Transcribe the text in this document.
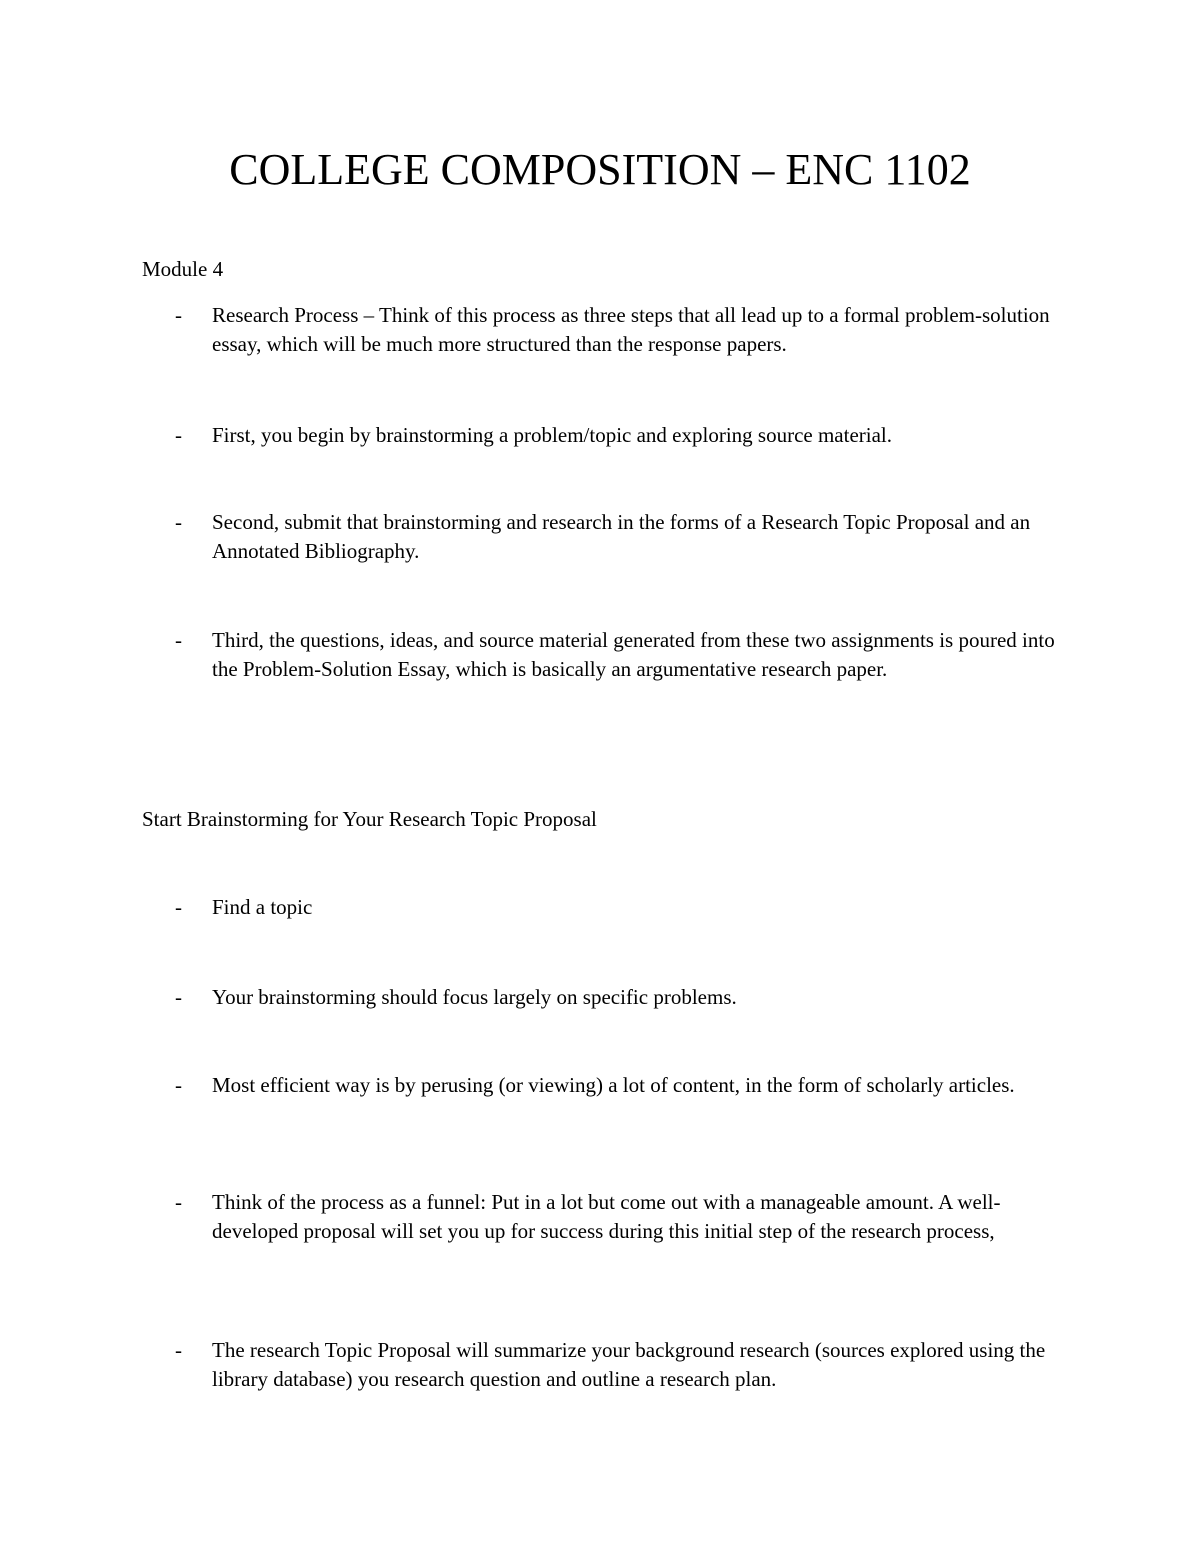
COLLEGE COMPOSITION – ENC 1102
Module 4
- Research Process – Think of this process as three steps that all lead up to a formal problem-solution essay, which will be much more structured than the response papers.
- First, you begin by brainstorming a problem/topic and exploring source material.
- Second, submit that brainstorming and research in the forms of a Research Topic Proposal and an Annotated Bibliography.
- Third, the questions, ideas, and source material generated from these two assignments is poured into the Problem-Solution Essay, which is basically an argumentative research paper.
Start Brainstorming for Your Research Topic Proposal
- Find a topic
- Your brainstorming should focus largely on specific problems.
- Most efficient way is by perusing (or viewing) a lot of content, in the form of scholarly articles.
- Think of the process as a funnel: Put in a lot but come out with a manageable amount. A well-developed proposal will set you up for success during this initial step of the research process,
- The research Topic Proposal will summarize your background research (sources explored using the library database) you research question and outline a research plan.
